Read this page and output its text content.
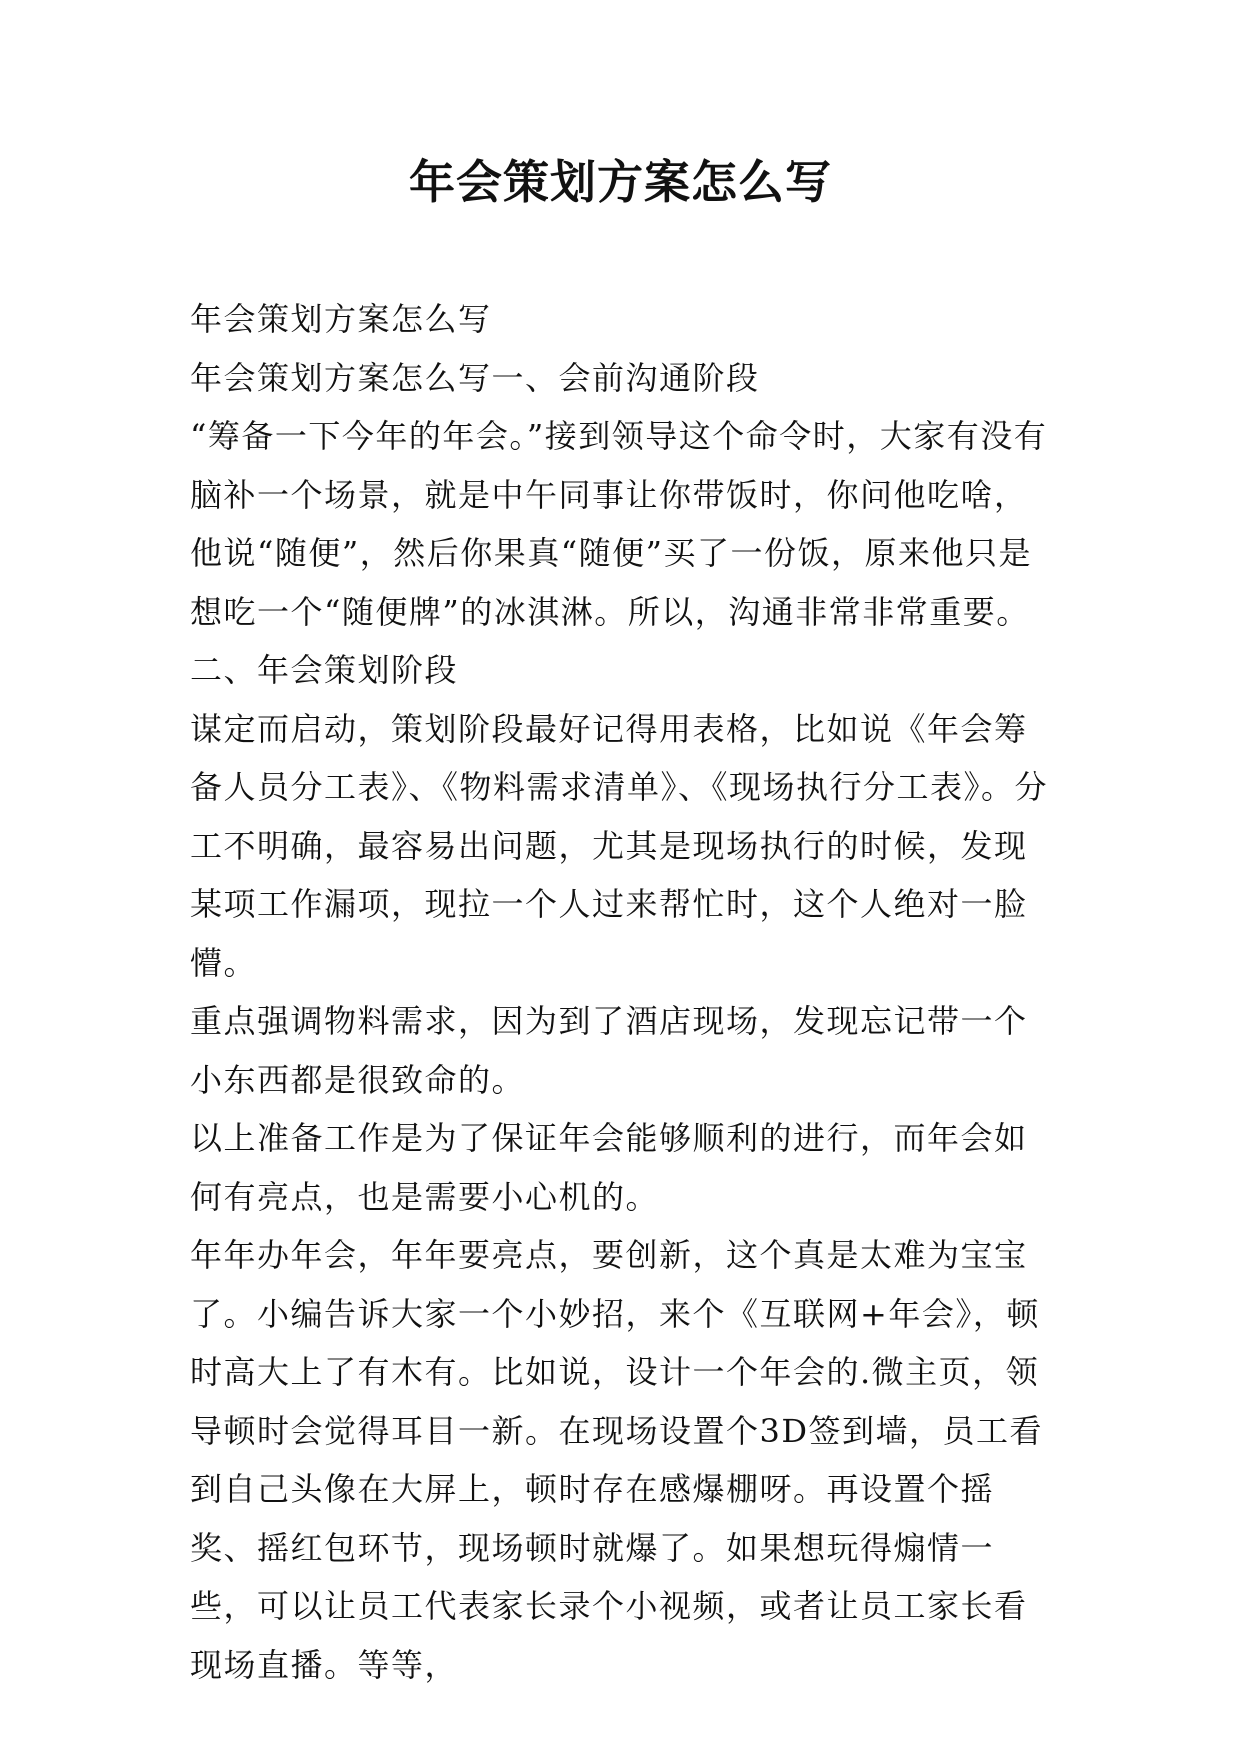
年会策划方案怎么写

年会策划方案怎么写

年会策划方案怎么写一、会前沟通阶段

“筹备一下今年的年会。”接到领导这个命令时，大家有没有脑补一个场景，就是中午同事让你带饭时，你问他吃啥，他说“随便”，然后你果真“随便”买了一份饭，原来他只是想吃一个“随便牌”的冰淇淋。所以，沟通非常非常重要。

二、年会策划阶段

谋定而启动，策划阶段最好记得用表格，比如说《年会筹备人员分工表》、《物料需求清单》、《现场执行分工表》。分工不明确，最容易出问题，尤其是现场执行的时候，发现某项工作漏项，现拉一个人过来帮忙时，这个人绝对一脸懵。

重点强调物料需求，因为到了酒店现场，发现忘记带一个小东西都是很致命的。

以上准备工作是为了保证年会能够顺利的进行，而年会如何有亮点，也是需要小心机的。

年年办年会，年年要亮点，要创新，这个真是太难为宝宝了。小编告诉大家一个小妙招，来个《互联网+年会》，顿时高大上了有木有。比如说，设计一个年会的.微主页，领导顿时会觉得耳目一新。在现场设置个3D签到墙，员工看到自己头像在大屏上，顿时存在感爆棚呀。再设置个摇奖、摇红包环节，现场顿时就爆了。如果想玩得煽情一些，可以让员工代表家长录个小视频，或者让员工家长看现场直播。等等，
